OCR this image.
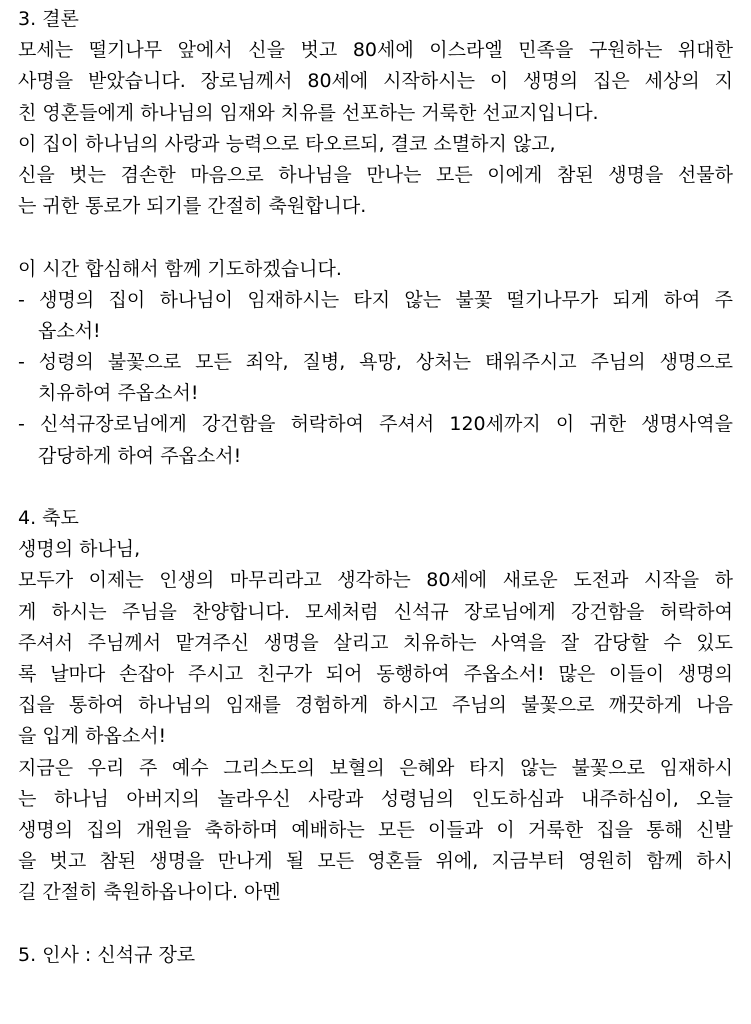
3. 결론
모세는 떨기나무 앞에서 신을 벗고 80세에 이스라엘 민족을 구원하는 위대한
사명을 받았습니다. 장로님께서 80세에 시작하시는 이 생명의 집은 세상의 지
친 영혼들에게 하나님의 임재와 치유를 선포하는 거룩한 선교지입니다.
이 집이 하나님의 사랑과 능력으로 타오르되, 결코 소멸하지 않고,
신을 벗는 겸손한 마음으로 하나님을 만나는 모든 이에게 참된 생명을 선물하
는 귀한 통로가 되기를 간절히 축원합니다.
이 시간 합심해서 함께 기도하겠습니다.
- 생명의 집이 하나님이 임재하시는 타지 않는 불꽃 떨기나무가 되게 하여 주
옵소서!
- 성령의 불꽃으로 모든 죄악, 질병, 욕망, 상처는 태워주시고 주님의 생명으로
치유하여 주옵소서!
- 신석규장로님에게 강건함을 허락하여 주셔서 120세까지 이 귀한 생명사역을
감당하게 하여 주옵소서!
4. 축도
생명의 하나님,
모두가 이제는 인생의 마무리라고 생각하는 80세에 새로운 도전과 시작을 하
게 하시는 주님을 찬양합니다. 모세처럼 신석규 장로님에게 강건함을 허락하여
주셔서 주님께서 맡겨주신 생명을 살리고 치유하는 사역을 잘 감당할 수 있도
록 날마다 손잡아 주시고 친구가 되어 동행하여 주옵소서! 많은 이들이 생명의
집을 통하여 하나님의 임재를 경험하게 하시고 주님의 불꽃으로 깨끗하게 나음
을 입게 하옵소서!
지금은 우리 주 예수 그리스도의 보혈의 은혜와 타지 않는 불꽃으로 임재하시
는 하나님 아버지의 놀라우신 사랑과 성령님의 인도하심과 내주하심이, 오늘
생명의 집의 개원을 축하하며 예배하는 모든 이들과 이 거룩한 집을 통해 신발
을 벗고 참된 생명을 만나게 될 모든 영혼들 위에, 지금부터 영원히 함께 하시
길 간절히 축원하옵나이다. 아멘
5. 인사 : 신석규 장로
